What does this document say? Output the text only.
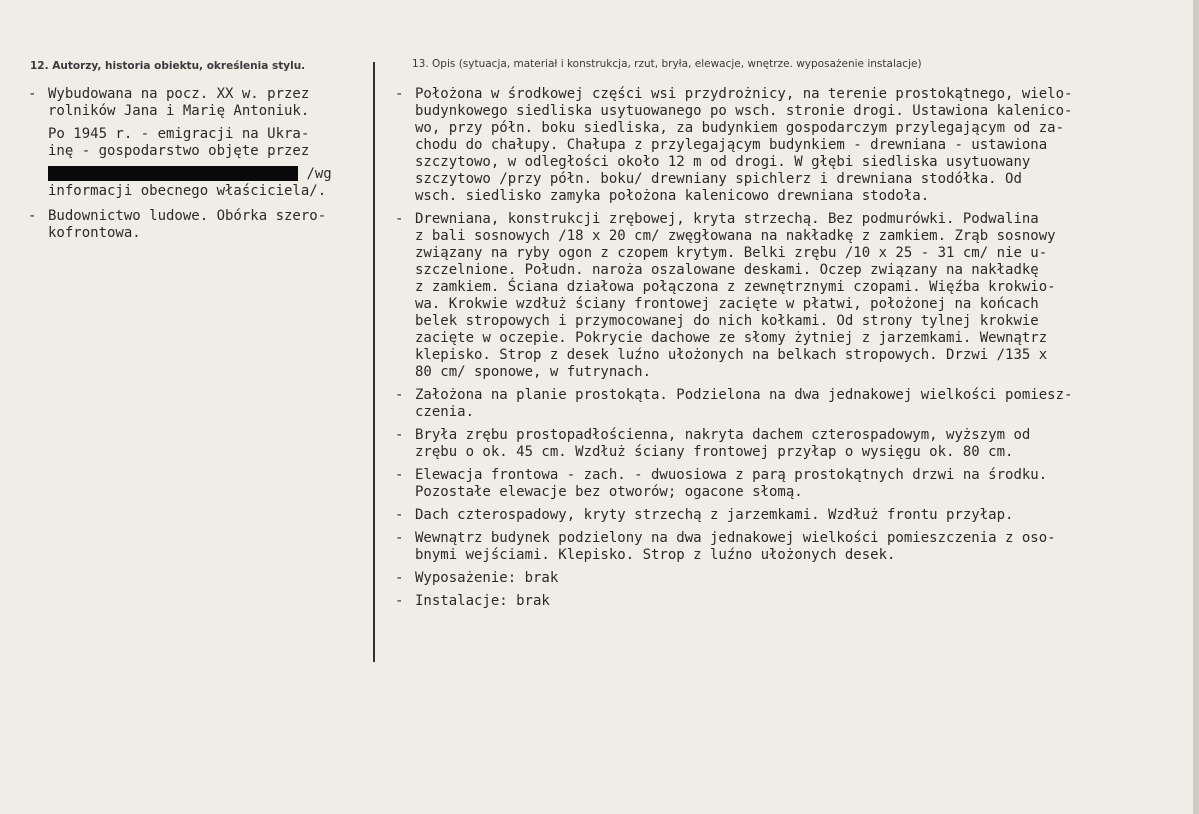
12. Autorzy, historia obiektu, określenia stylu.	13. Opis (sytuacja, materiał i konstrukcja, rzut, bryła, elewacje, wnętrze. wyposażenie instalacje)
- Wybudowana na pocz. XX w. przez
rolników Jana i Marię Antoniuk.
Po 1945 r. - emigracji na Ukra-
inę - gospodarstwo objęte przez
/wg
informacji obecnego właściciela/.
- Budownictwo ludowe. Obórka szero-
kofrontowa.
- Położona w środkowej części wsi przydrożnicy, na terenie prostokątnego, wielo-
budynkowego siedliska usytuowanego po wsch. stronie drogi. Ustawiona kalenico-
wo, przy półn. boku siedliska, za budynkiem gospodarczym przylegającym od za-
chodu do chałupy. Chałupa z przylegającym budynkiem - drewniana - ustawiona
szczytowo, w odległości około 12 m od drogi. W głębi siedliska usytuowany
szczytowo /przy półn. boku/ drewniany spichlerz i drewniana stodółka. Od
wsch. siedlisko zamyka położona kalenicowo drewniana stodoła.
- Drewniana, konstrukcji zrębowej, kryta strzechą. Bez podmurówki. Podwalina
z bali sosnowych /18 x 20 cm/ zwęgłowana na nakładkę z zamkiem. Zrąb sosnowy
związany na ryby ogon z czopem krytym. Belki zrębu /10 x 25 - 31 cm/ nie u-
szczelnione. Połudn. naroża oszalowane deskami. Oczep związany na nakładkę
z zamkiem. Ściana działowa połączona z zewnętrznymi czopami. Więźba krokwio-
wa. Krokwie wzdłuż ściany frontowej zacięte w płatwi, położonej na końcach
belek stropowych i przymocowanej do nich kołkami. Od strony tylnej krokwie
zacięte w oczepie. Pokrycie dachowe ze słomy żytniej z jarzemkami. Wewnątrz
klepisko. Strop z desek luźno ułożonych na belkach stropowych. Drzwi /135 x
80 cm/ sponowe, w futrynach.
- Założona na planie prostokąta. Podzielona na dwa jednakowej wielkości pomiesz-
czenia.
- Bryła zrębu prostopadłościenna, nakryta dachem czterospadowym, wyższym od
zrębu o ok. 45 cm. Wzdłuż ściany frontowej przyłap o wysięgu ok. 80 cm.
- Elewacja frontowa - zach. - dwuosiowa z parą prostokątnych drzwi na środku.
Pozostałe elewacje bez otworów; ogacone słomą.
- Dach czterospadowy, kryty strzechą z jarzemkami. Wzdłuż frontu przyłap.
- Wewnątrz budynek podzielony na dwa jednakowej wielkości pomieszczenia z oso-
bnymi wejściami. Klepisko. Strop z luźno ułożonych desek.
- Wyposażenie: brak
- Instalacje: brak
